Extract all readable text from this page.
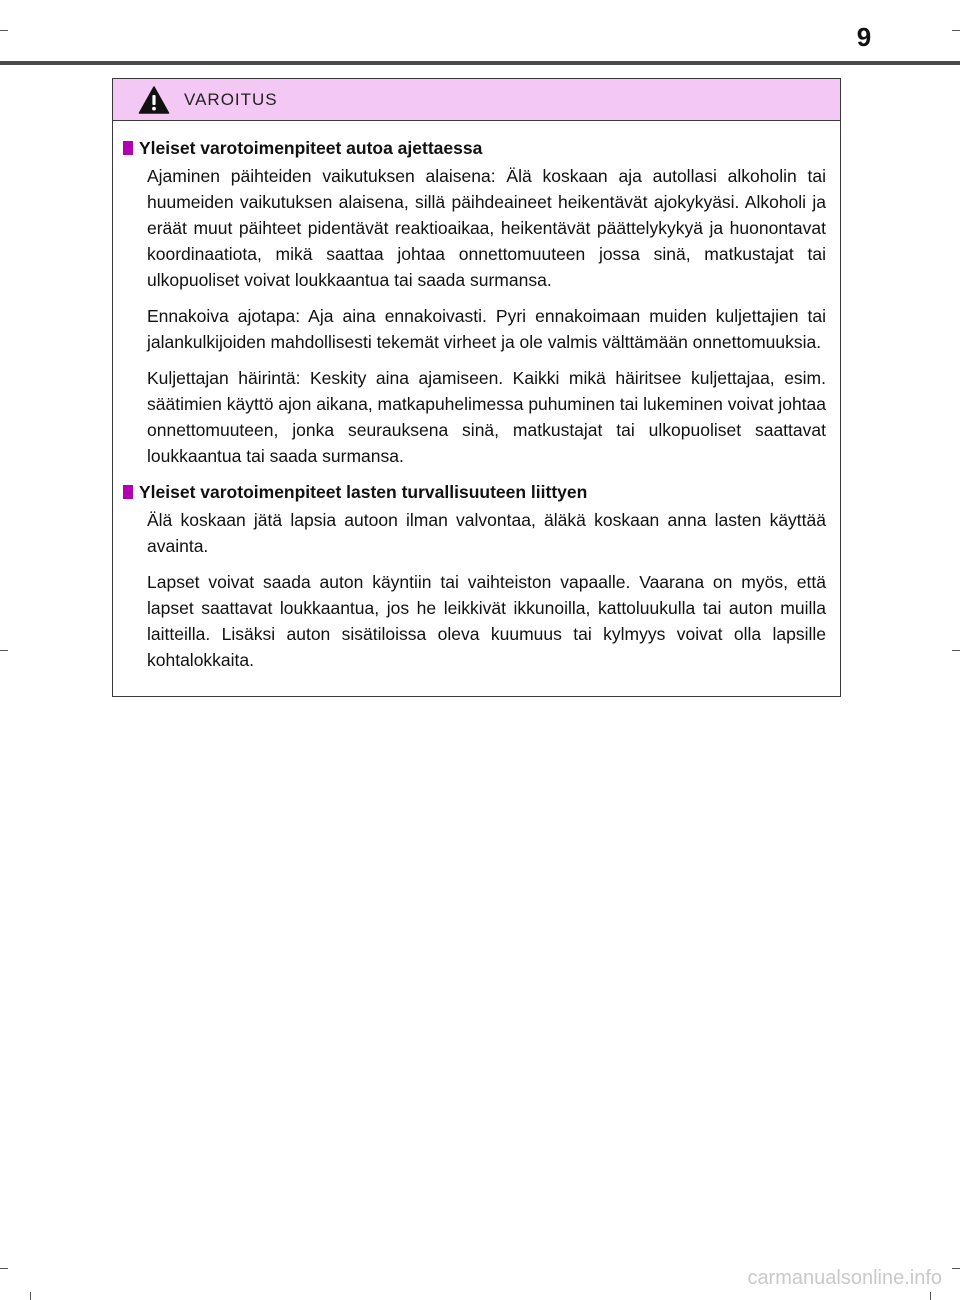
9
VAROITUS
Yleiset varotoimenpiteet autoa ajettaessa

Ajaminen päihteiden vaikutuksen alaisena: Älä koskaan aja autollasi alkoholin tai huumeiden vaikutuksen alaisena, sillä päihdeaineet heikentävät ajokykyäsi. Alkoholi ja eräät muut päihteet pidentävät reaktioaikaa, heikentävät päättelykykyä ja huonontavat koordinaatiota, mikä saattaa johtaa onnettomuuteen jossa sinä, matkustajat tai ulkopuoliset voivat loukkaantua tai saada surmansa.

Ennakoiva ajotapa: Aja aina ennakoivasti. Pyri ennakoimaan muiden kuljettajien tai jalankulkijoiden mahdollisesti tekemät virheet ja ole valmis välttämään onnettomuuksia.

Kuljettajan häirintä: Keskity aina ajamiseen. Kaikki mikä häiritsee kuljettajaa, esim. säätimien käyttö ajon aikana, matkapuhelimessa puhuminen tai lukeminen voivat johtaa onnettomuuteen, jonka seurauksena sinä, matkustajat tai ulkopuoliset saattavat loukkaantua tai saada surmansa.

Yleiset varotoimenpiteet lasten turvallisuuteen liittyen

Älä koskaan jätä lapsia autoon ilman valvontaa, äläkä koskaan anna lasten käyttää avainta.

Lapset voivat saada auton käyntiin tai vaihteiston vapaalle. Vaarana on myös, että lapset saattavat loukkaantua, jos he leikkivät ikkunoilla, kattoluukulla tai auton muilla laitteilla. Lisäksi auton sisätiloissa oleva kuumuus tai kylmyys voivat olla lapsille kohtalokkaita.

carmanualsonline.info
